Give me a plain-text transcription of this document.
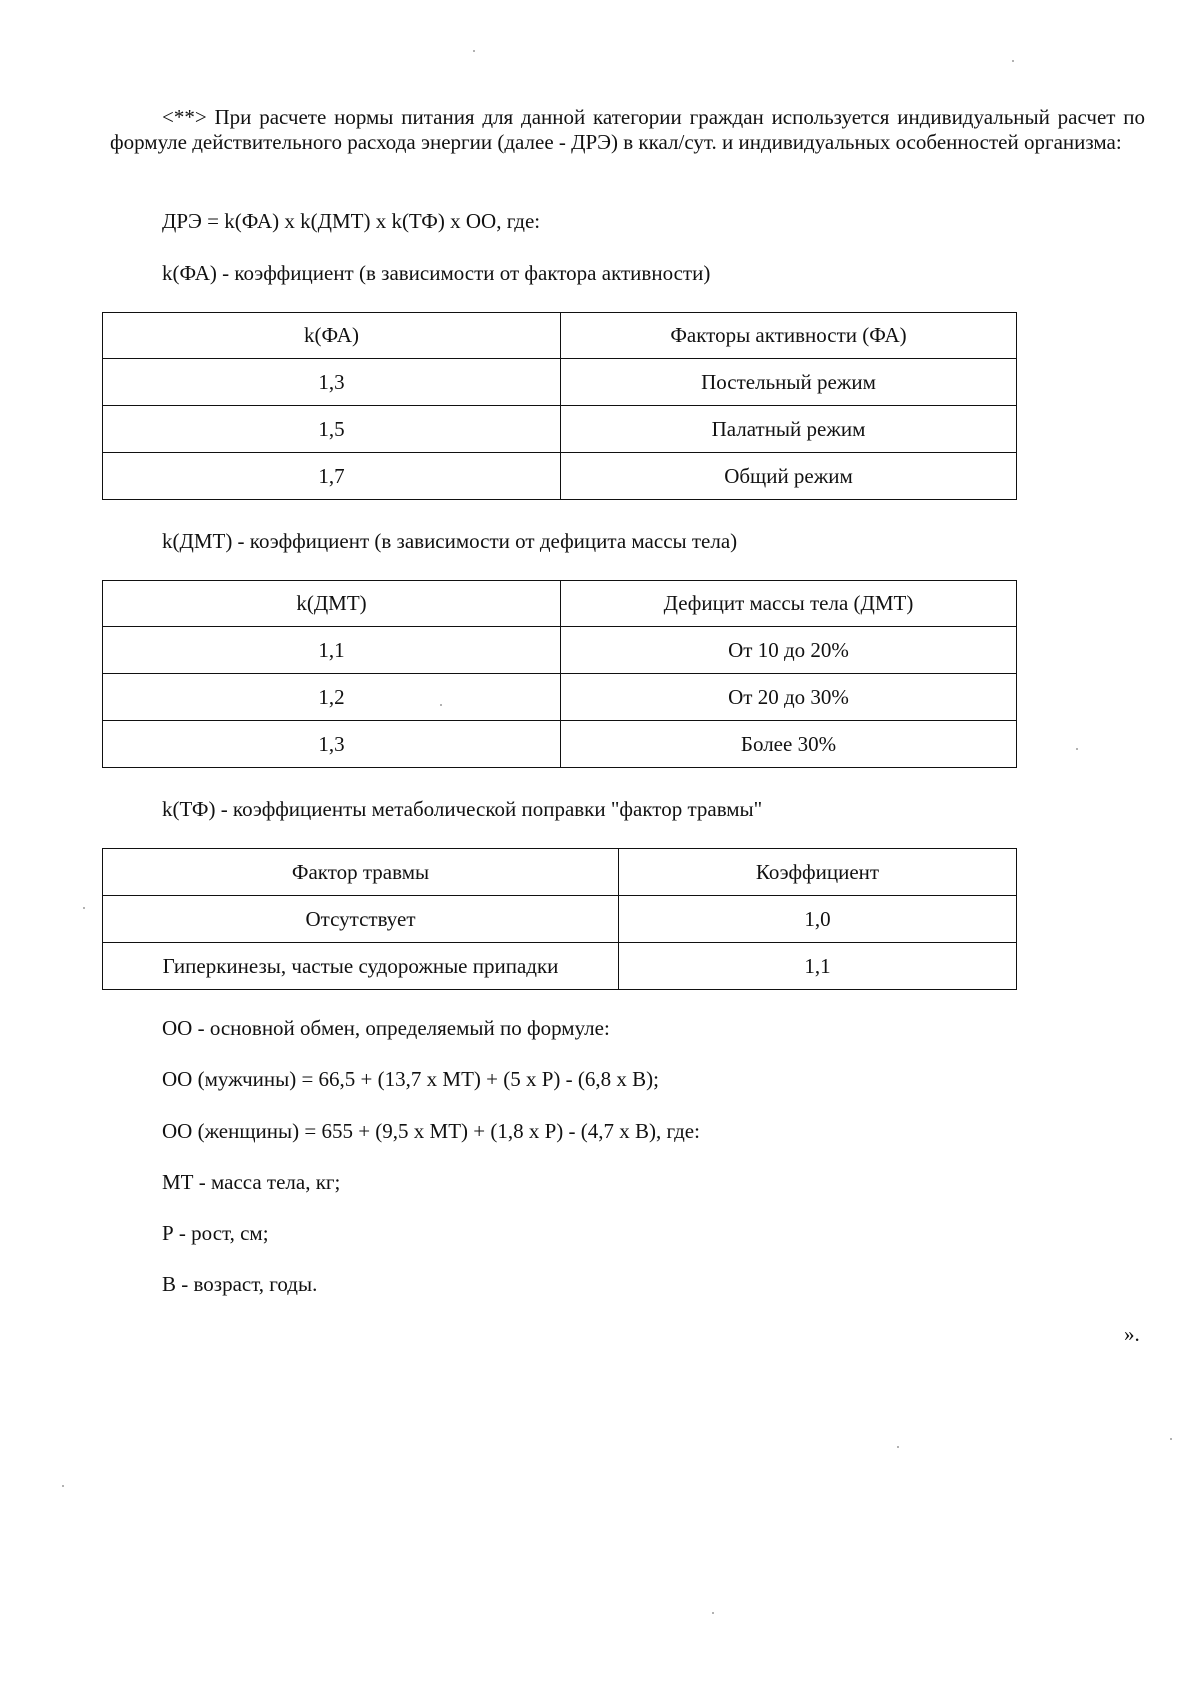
<**> При расчете нормы питания для данной категории граждан используется индивидуальный расчет по формуле действительного расхода энергии (далее - ДРЭ) в ккал/сут. и индивидуальных особенностей организма:

ДРЭ = k(ФА) x k(ДМТ) x k(ТФ) x ОО, где:

k(ФА) - коэффициент (в зависимости от фактора активности)

k(ФА)	Факторы активности (ФА)
1,3	Постельный режим
1,5	Палатный режим
1,7	Общий режим

k(ДМТ) - коэффициент (в зависимости от дефицита массы тела)

k(ДМТ)	Дефицит массы тела (ДМТ)
1,1	От 10 до 20%
1,2	От 20 до 30%
1,3	Более 30%

k(ТФ) - коэффициенты метаболической поправки "фактор травмы"

Фактор травмы	Коэффициент
Отсутствует	1,0
Гиперкинезы, частые судорожные припадки	1,1

ОО - основной обмен, определяемый по формуле:

ОО (мужчины) = 66,5 + (13,7 x МТ) + (5 x Р) - (6,8 x В);

ОО (женщины) = 655 + (9,5 x МТ) + (1,8 x Р) - (4,7 x В), где:

МТ - масса тела, кг;

Р - рост, см;

В - возраст, годы.

».
